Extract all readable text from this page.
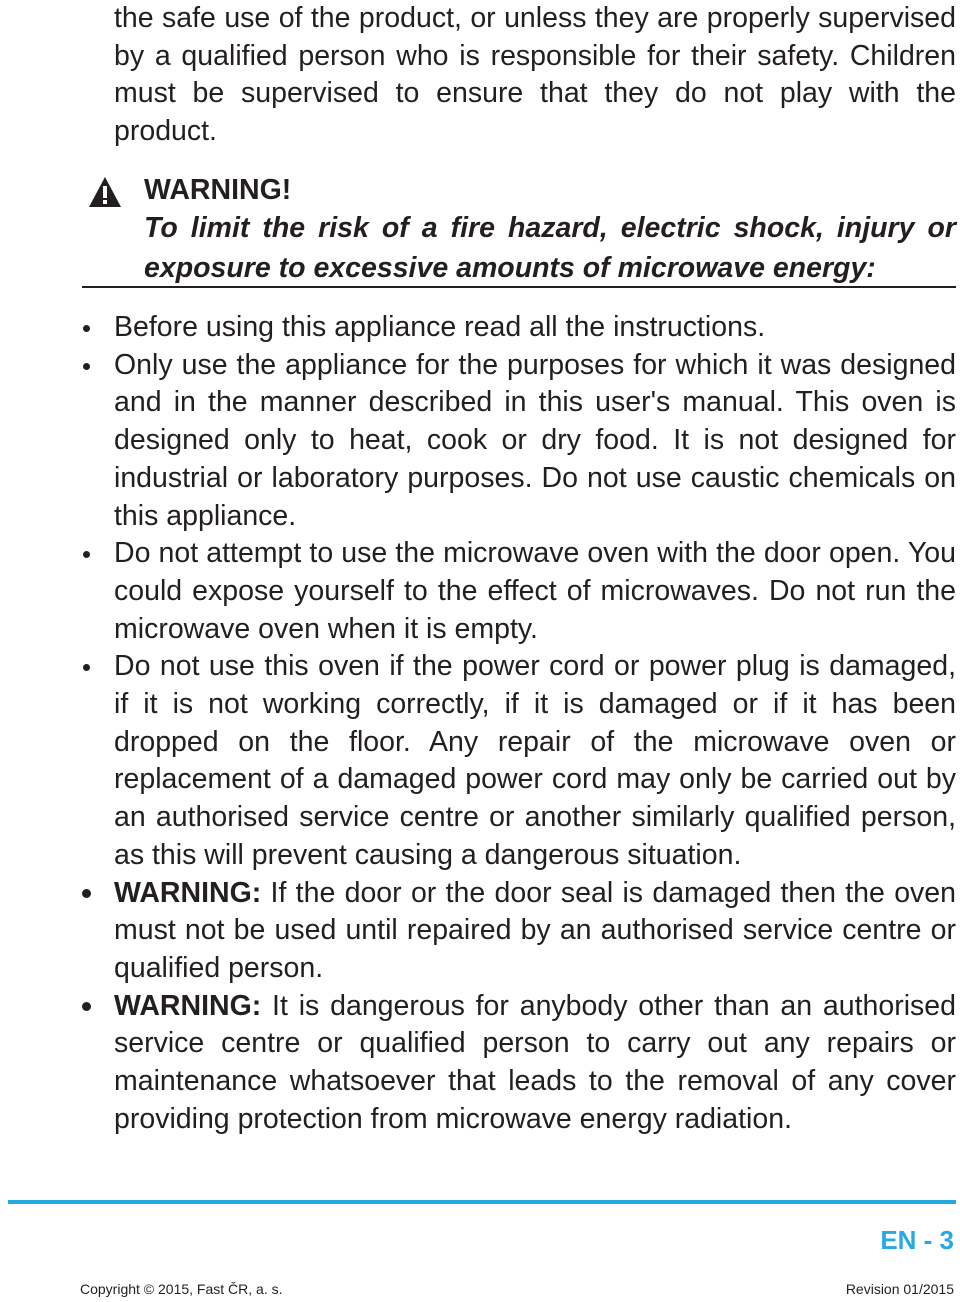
the safe use of the product, or unless they are properly supervised by a qualified person who is responsible for their safety. Children must be supervised to ensure that they do not play with the product.

WARNING!

To limit the risk of a fire hazard, electric shock, injury or exposure to excessive amounts of microwave energy:

Before using this appliance read all the instructions.
Only use the appliance for the purposes for which it was designed and in the manner described in this user's manual. This oven is designed only to heat, cook or dry food. It is not designed for industrial or laboratory purposes. Do not use caustic chemicals on this appliance.
Do not attempt to use the microwave oven with the door open. You could expose yourself to the effect of microwaves. Do not run the microwave oven when it is empty.
Do not use this oven if the power cord or power plug is damaged, if it is not working correctly, if it is damaged or if it has been dropped on the floor. Any repair of the microwave oven or replacement of a damaged power cord may only be carried out by an authorised service centre or another similarly qualified person, as this will prevent causing a dangerous situation.
WARNING: If the door or the door seal is damaged then the oven must not be used until repaired by an authorised service centre or qualified person.
WARNING: It is dangerous for anybody other than an authorised service centre or qualified person to carry out any repairs or maintenance whatsoever that leads to the removal of any cover providing protection from microwave energy radiation.
EN - 3
Copyright © 2015, Fast ČR, a. s.	Revision 01/2015
